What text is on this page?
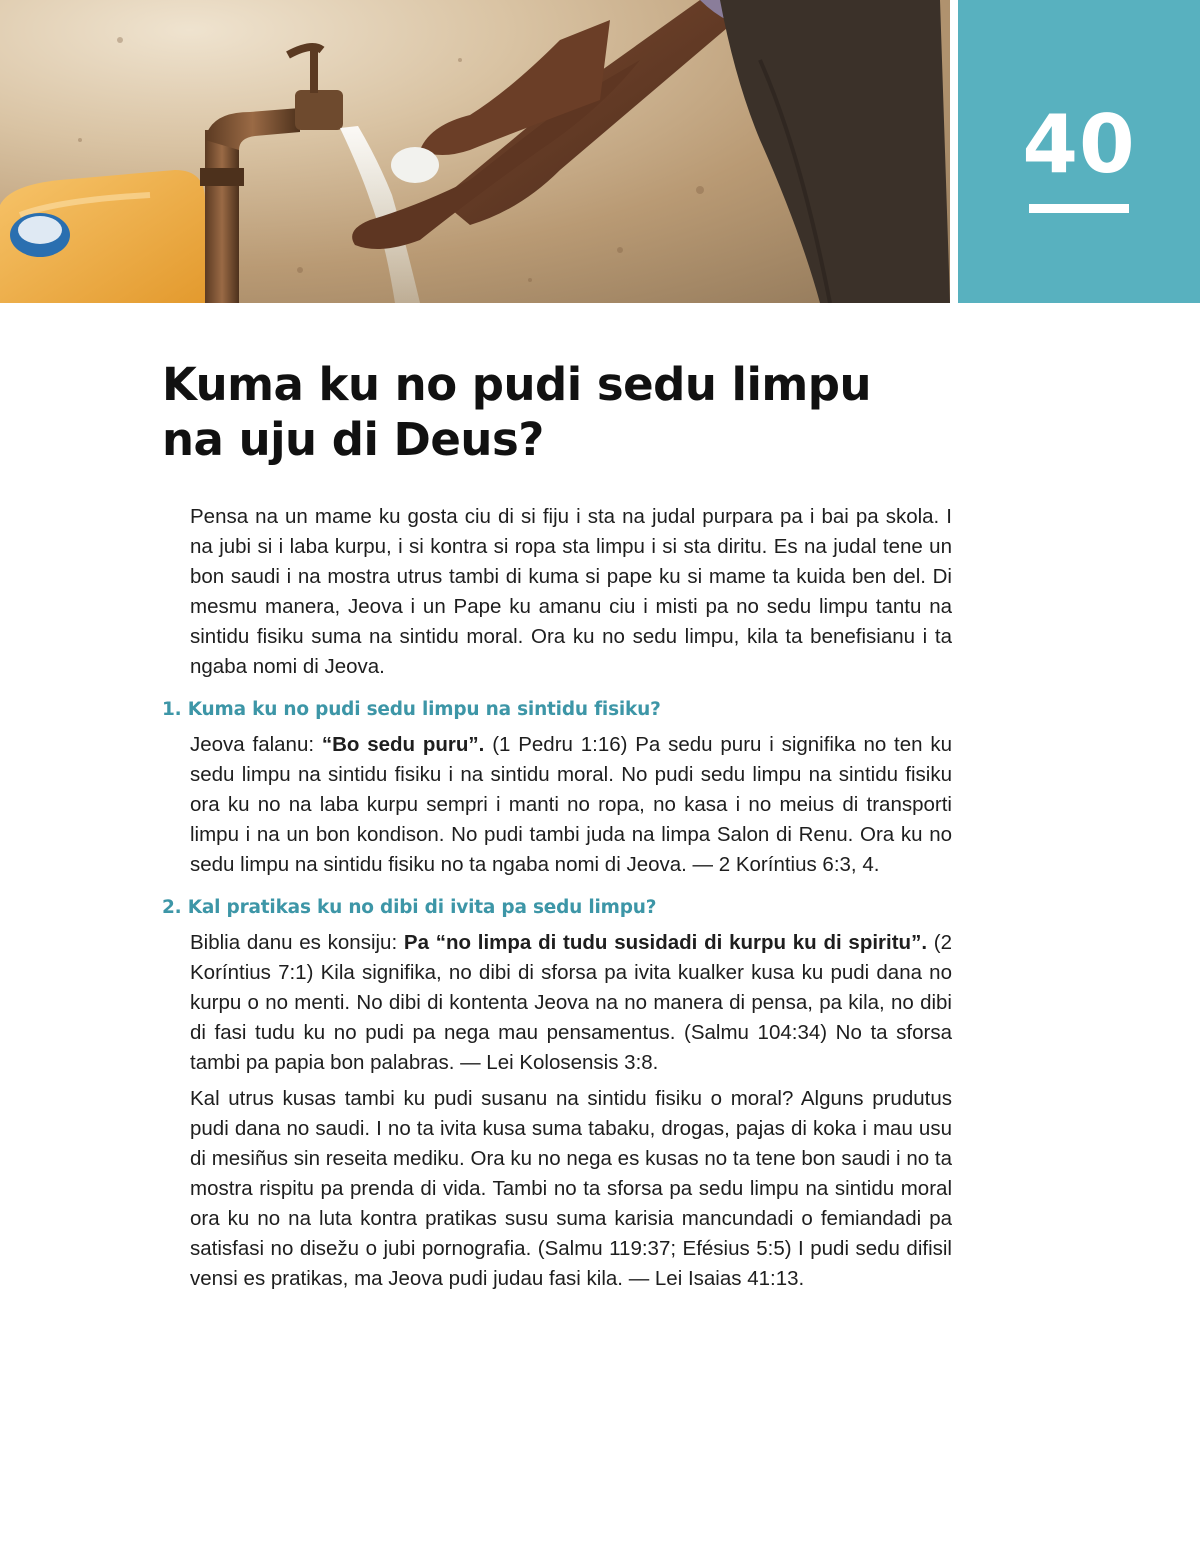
40
Kuma ku no pudi sedu limpu
na uju di Deus?

Pensa na un mame ku gosta ciu di si fiju i sta na judal purpara pa i bai pa skola. I na jubi si i laba kurpu, i si kontra si ropa sta limpu i si sta diritu. Es na judal tene un bon saudi i na mostra utrus tambi di kuma si pape ku si mame ta kuida ben del. Di mesmu manera, Jeova i un Pape ku amanu ciu i misti pa no sedu limpu tantu na sintidu fisiku suma na sintidu moral. Ora ku no sedu limpu, kila ta benefisianu i ta ngaba nomi di Jeova.

1. Kuma ku no pudi sedu limpu na sintidu fisiku?

Jeova falanu: “Bo sedu puru”. (1 Pedru 1:16) Pa sedu puru i signifika no ten ku sedu limpu na sintidu fisiku i na sintidu moral. No pudi sedu limpu na sintidu fisiku ora ku no na laba kurpu sempri i manti no ropa, no kasa i no meius di transporti limpu i na un bon kondison. No pudi tambi juda na limpa Salon di Renu. Ora ku no sedu limpu na sintidu fisiku no ta ngaba nomi di Jeova. — 2 Koríntius 6:3, 4.

2. Kal pratikas ku no dibi di ivita pa sedu limpu?

Biblia danu es konsiju: Pa “no limpa di tudu susidadi di kurpu ku di spiritu”. (2 Koríntius 7:1) Kila signifika, no dibi di sforsa pa ivita kualker kusa ku pudi dana no kurpu o no menti. No dibi di kontenta Jeova na no manera di pensa, pa kila, no dibi di fasi tudu ku no pudi pa nega mau pensamentus. (Salmu 104:34) No ta sforsa tambi pa papia bon palabras. — Lei Kolosensis 3:8.

Kal utrus kusas tambi ku pudi susanu na sintidu fisiku o moral? Alguns prudutus pudi dana no saudi. I no ta ivita kusa suma tabaku, drogas, pajas di koka i mau usu di mesiñus sin reseita mediku. Ora ku no nega es kusas no ta tene bon saudi i no ta mostra rispitu pa prenda di vida. Tambi no ta sforsa pa sedu limpu na sintidu moral ora ku no na luta kontra pratikas susu suma karisia mancundadi o femiandadi pa satisfasi no disežu o jubi pornografia. (Salmu 119:37; Efésius 5:5) I pudi sedu difisil vensi es pratikas, ma Jeova pudi judau fasi kila. — Lei Isaias 41:13.
